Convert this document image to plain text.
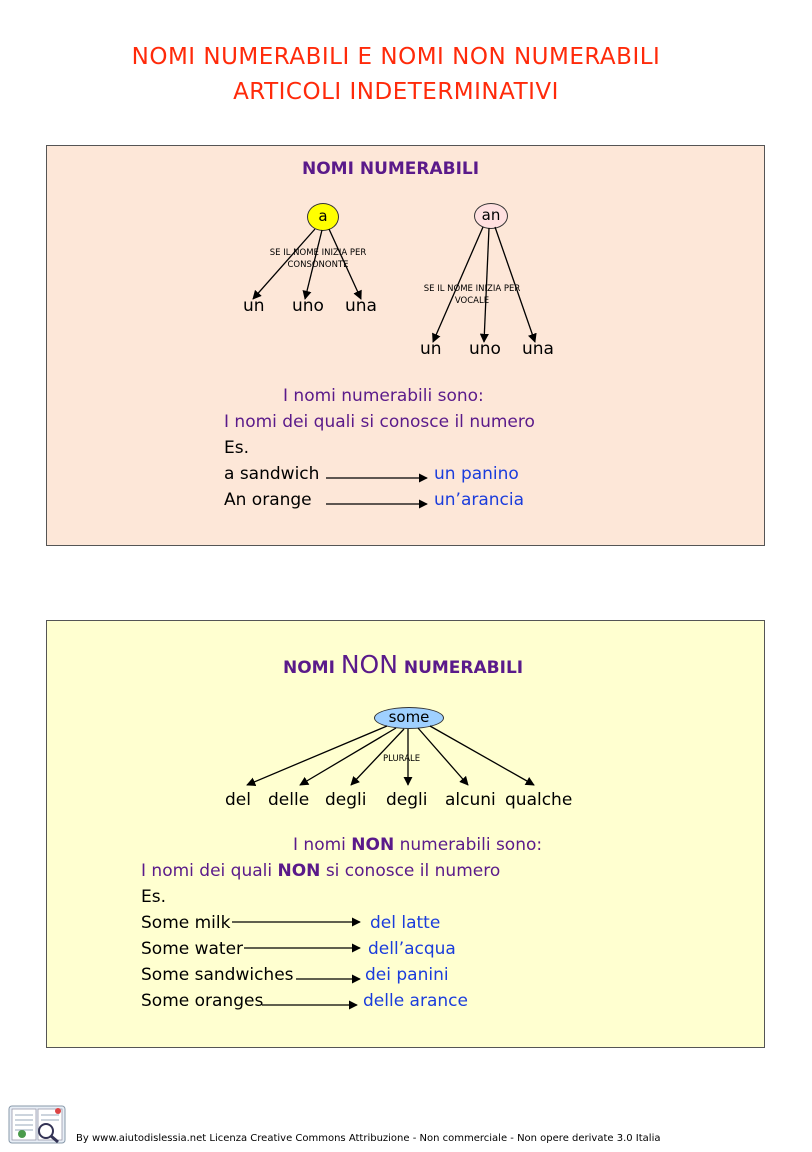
NOMI NUMERABILI E NOMI NON NUMERABILI
ARTICOLI INDETERMINATIVI
NOMI NUMERABILI
a	an
SE IL NOME INIZIA PER CONSONONTE
SE IL NOME INIZIA PER VOCALE
un uno una
un uno una
I nomi numerabili sono:
I nomi dei quali si conosce il numero
Es.
a sandwich	un panino
An orange	un’arancia
NOMI NON NUMERABILI
some
PLURALE
del delle degli degli alcuni qualche
I nomi NON numerabili sono:
I nomi dei quali NON si conosce il numero
Es.
Some milk	del latte
Some water	dell’acqua
Some sandwiches	dei panini
Some oranges	delle arance
By www.aiutodislessia.net Licenza Creative Commons Attribuzione - Non commerciale - Non opere derivate 3.0 Italia
